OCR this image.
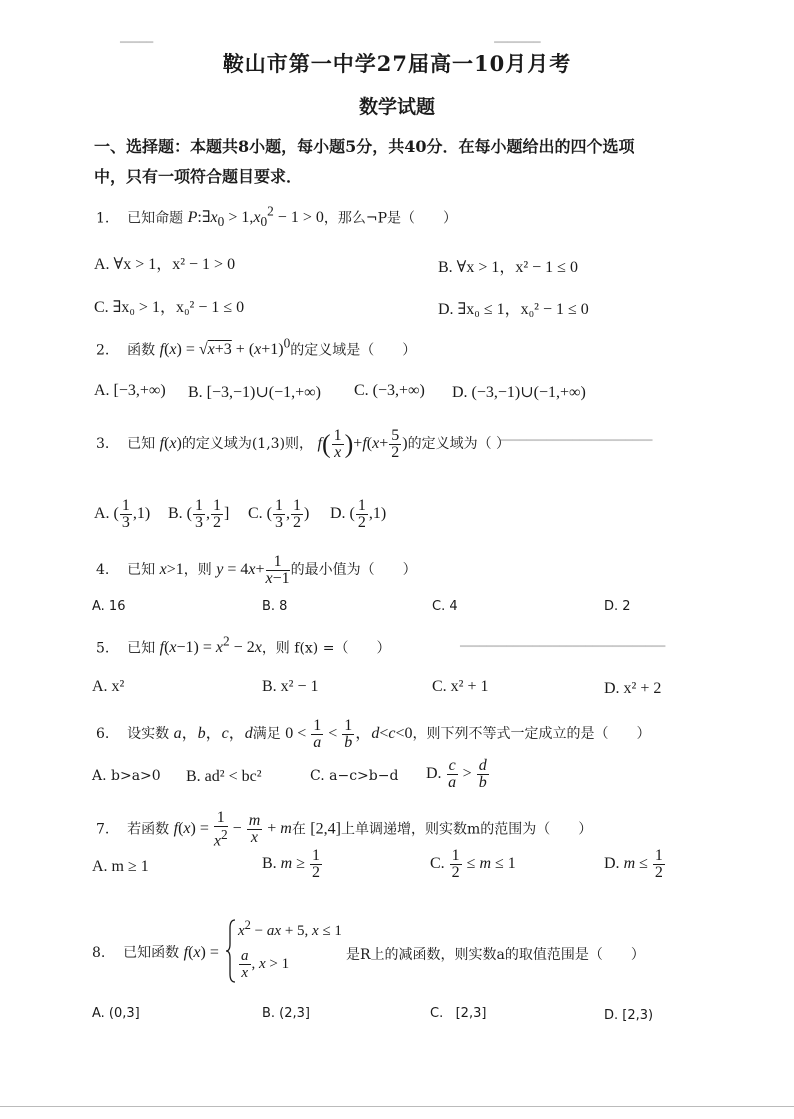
━━━━━　　　　　　　　　　　　　　　　　　　　　　　　　　　　　　　━━━━━━━
━━━━━━━━━━━━━━━━━━━━━━━
━━━━━━━━━━━━━━━━━━━━━━━━━━━━━━━
鞍山市第一中学27届高一10月月考
数学试题
一、选择题：本题共8小题，每小题5分，共40分．在每小题给出的四个选项
中，只有一项符合题目要求．
1. 已知命题 $P:\exists x_0 > 1,x_0^2 - 1 > 0$，那么¬P是（　　）
A. ∀x > 1，x² − 1 > 0	B. ∀x > 1，x² − 1 ≤ 0
C. ∃x₀ > 1，x₀² − 1 ≤ 0	D. ∃x₀ ≤ 1，x₀² − 1 ≤ 0
2. 函数 $f(x) = √x+3 + (x+1)^0$的定义域是（　　）
A. [−3,+∞) B. [−3,−1)∪(−1,+∞) C. (−3,+∞) D. (−3,−1)∪(−1,+∞)
3. 已知 f(x)的定义域为(1,3)则， $f( \frac{1}{x} )+f(x+ \frac{5}{2}$ )的定义域为（ ）
A. ( $\frac{1}{3} ,1$) B. ( $\frac{1}{3}$ , $\frac{1}{2}$ ] C. ( $\frac{1}{3}$ , $\frac{1}{2}$ ) D. ( $\frac{1}{2} ,1$)
4. 已知 x>1，则 $y = 4x+ \frac{1}{x-1}$ 的最小值为（　　）
A. 16	B. 8	C. 4	D. 2
5. 已知 $f(x-1) = x^2 - 2x$，则 f(x) =（　　）
A. x²	B. x² − 1	C. x² + 1	D. x² + 2
6. 设实数 a，b，c，d满足 $0 < \frac{1}{a} < \frac{1}{b}$ ，d<c<0，则下列不等式一定成立的是（　　）
A. b>a>0 B. ad² < bc²	C. a−c>b−d D. $\frac{c}{a} > \frac{d}{b}$
7. 若函数 $f(x) = \frac{1}{x^2} - \frac{m}{x} + m$在 [2,4]上单调递增，则实数m的范围为（　　）
A. m ≥ 1	B. $m \ge \frac{1}{2}$	C. $\frac{1}{2} \le m \le 1$	D. $m \le \frac{1}{2}$
8. 已知函数 f(x) =
$x^2$ − ax + 5, x ≤ 1
$\frac{a}{x}$ , x > 1
是R上的减函数，则实数a的取值范围是（　　）
A. (0,3]	B. (2,3]	C.   [2,3]	D. [2,3)
